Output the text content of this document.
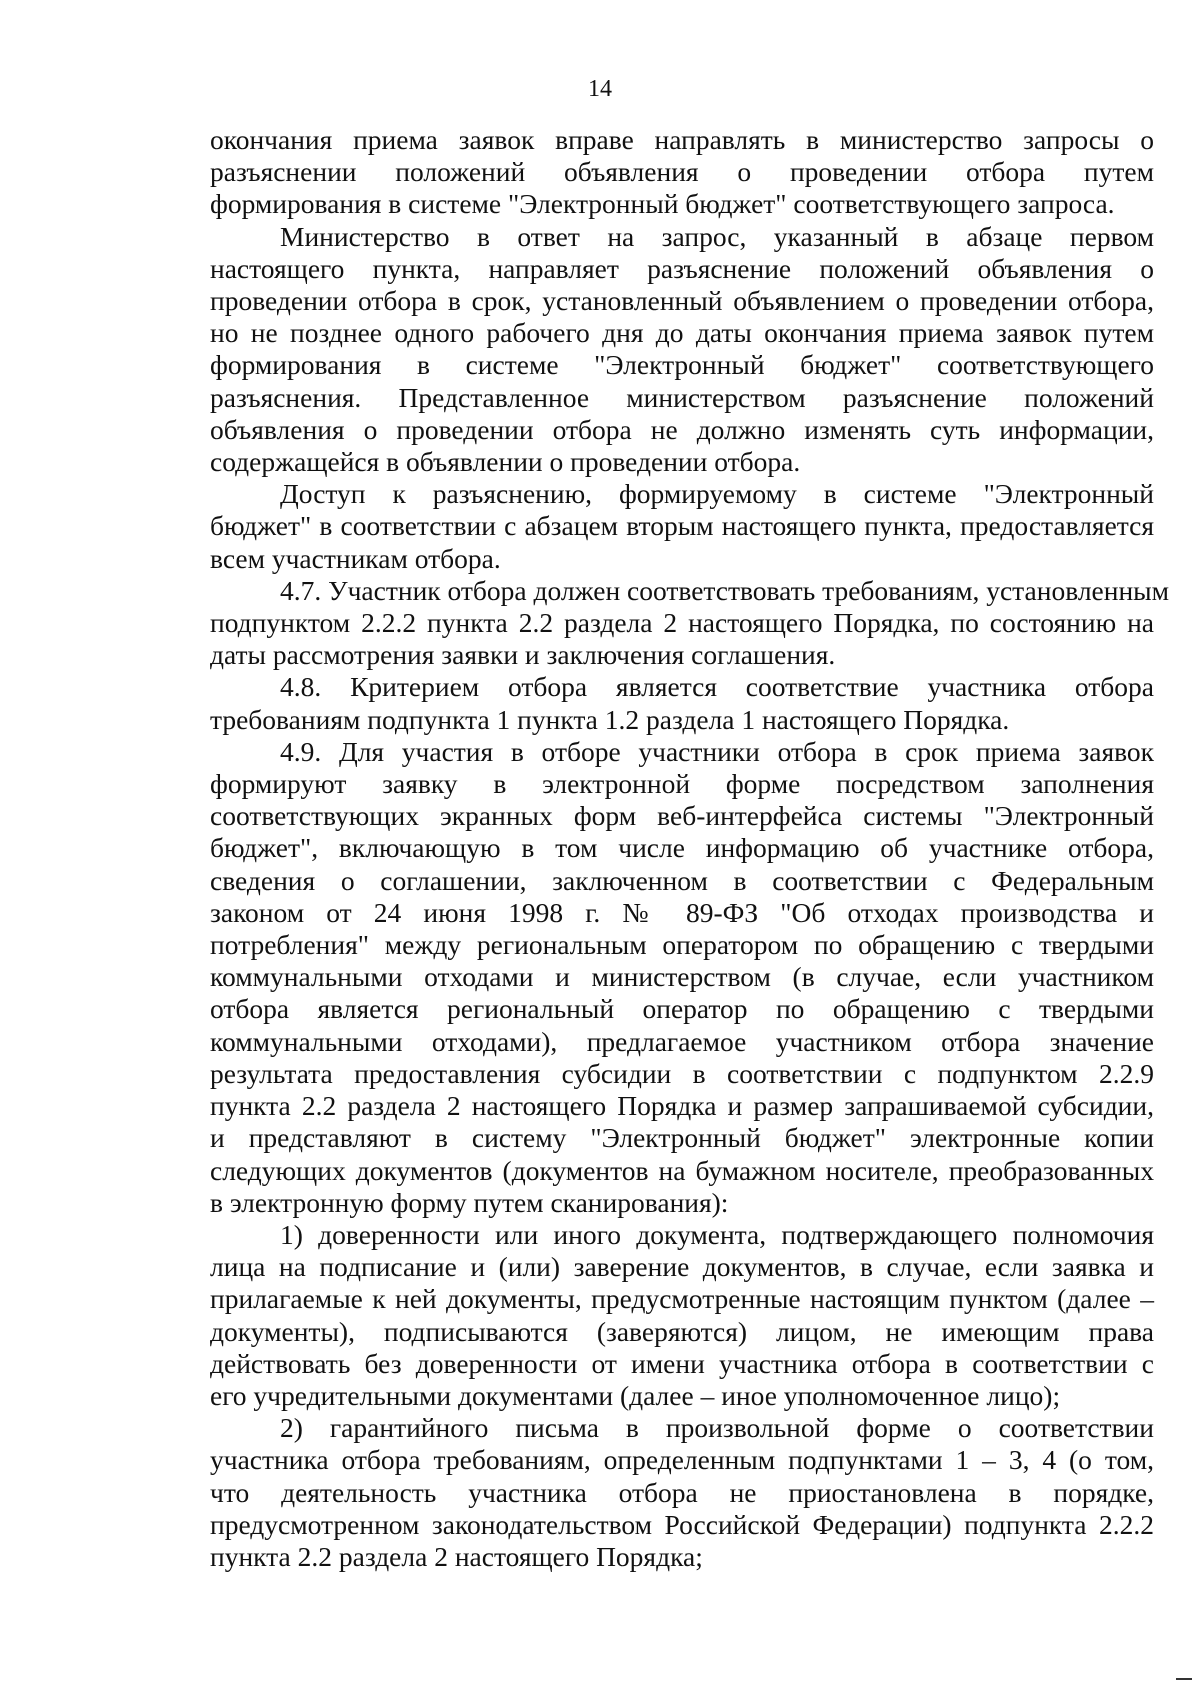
14
окончания приема заявок вправе направлять в министерство запросы о
разъяснении положений объявления о проведении отбора путем
формирования в системе "Электронный бюджет" соответствующего запроса.
Министерство в ответ на запрос, указанный в абзаце первом
настоящего пункта, направляет разъяснение положений объявления о
проведении отбора в срок, установленный объявлением о проведении отбора,
но не позднее одного рабочего дня до даты окончания приема заявок путем
формирования в системе "Электронный бюджет" соответствующего
разъяснения. Представленное министерством разъяснение положений
объявления о проведении отбора не должно изменять суть информации,
содержащейся в объявлении о проведении отбора.
Доступ к разъяснению, формируемому в системе "Электронный
бюджет" в соответствии с абзацем вторым настоящего пункта, предоставляется
всем участникам отбора.
4.7. Участник отбора должен соответствовать требованиям, установленным
подпунктом 2.2.2 пункта 2.2 раздела 2 настоящего Порядка, по состоянию на
даты рассмотрения заявки и заключения соглашения.
4.8. Критерием отбора является соответствие участника отбора
требованиям подпункта 1 пункта 1.2 раздела 1 настоящего Порядка.
4.9. Для участия в отборе участники отбора в срок приема заявок
формируют заявку в электронной форме посредством заполнения
соответствующих экранных форм веб-интерфейса системы "Электронный
бюджет", включающую в том числе информацию об участнике отбора,
сведения о соглашении, заключенном в соответствии с Федеральным
законом от 24 июня 1998 г. № 89-ФЗ "Об отходах производства и
потребления" между региональным оператором по обращению с твердыми
коммунальными отходами и министерством (в случае, если участником
отбора является региональный оператор по обращению с твердыми
коммунальными отходами), предлагаемое участником отбора значение
результата предоставления субсидии в соответствии с подпунктом 2.2.9
пункта 2.2 раздела 2 настоящего Порядка и размер запрашиваемой субсидии,
и представляют в систему "Электронный бюджет" электронные копии
следующих документов (документов на бумажном носителе, преобразованных
в электронную форму путем сканирования):
1) доверенности или иного документа, подтверждающего полномочия
лица на подписание и (или) заверение документов, в случае, если заявка и
прилагаемые к ней документы, предусмотренные настоящим пунктом (далее –
документы), подписываются (заверяются) лицом, не имеющим права
действовать без доверенности от имени участника отбора в соответствии с
его учредительными документами (далее – иное уполномоченное лицо);
2) гарантийного письма в произвольной форме о соответствии
участника отбора требованиям, определенным подпунктами 1 – 3, 4 (о том,
что деятельность участника отбора не приостановлена в порядке,
предусмотренном законодательством Российской Федерации) подпункта 2.2.2
пункта 2.2 раздела 2 настоящего Порядка;
